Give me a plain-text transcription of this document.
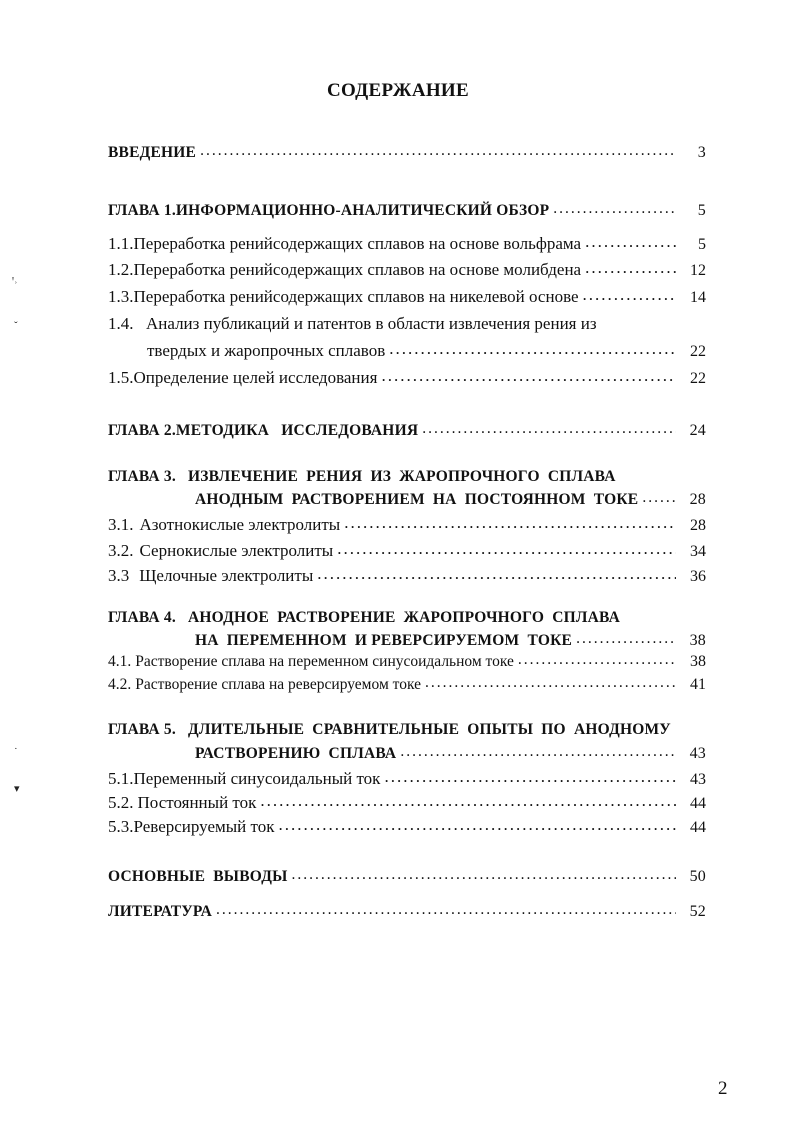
СОДЕРЖАНИЕ
ВВЕДЕНИЕ .....	3
ГЛАВА 1. ИНФОРМАЦИОННО-АНАЛИТИЧЕСКИЙ ОБЗОР .....	5
1.1. Переработка ренийсодержащих сплавов на основе вольфрама .....	5
1.2. Переработка ренийсодержащих сплавов на основе молибдена .....	12
1.3. Переработка ренийсодержащих сплавов на никелевой основе .....	14
1.4. Анализ публикаций и патентов в области извлечения рения из
твердых и жаропрочных сплавов .....	22
1.5. Определение целей исследования .....	22
ГЛАВА 2. МЕТОДИКА   ИССЛЕДОВАНИЯ .....	24
ГЛАВА 3. ИЗВЛЕЧЕНИЕ  РЕНИЯ  ИЗ  ЖАРОПРОЧНОГО  СПЛАВА
АНОДНЫМ  РАСТВОРЕНИЕМ  НА  ПОСТОЯННОМ  ТОКЕ .....	28
3.1. Азотнокислые электролиты .....	28
3.2. Сернокислые электролиты .....	34
3.3 Щелочные электролиты .....	36
ГЛАВА 4. АНОДНОЕ  РАСТВОРЕНИЕ  ЖАРОПРОЧНОГО  СПЛАВА
НА  ПЕРЕМЕННОМ  И РЕВЕРСИРУЕМОМ  ТОКЕ .....	38
4.1. Растворение сплава на переменном синусоидальном токе .....	38
4.2. Растворение сплава на реверсируемом токе .....	41
ГЛАВА 5. ДЛИТЕЛЬНЫЕ  СРАВНИТЕЛЬНЫЕ  ОПЫТЫ  ПО  АНОДНОМУ
РАСТВОРЕНИЮ  СПЛАВА .....	43
5.1. Переменный синусоидальный ток .....	43
5.2. Постоянный ток .....	44
5.3. Реверсируемый ток .....	44
ОСНОВНЫЕ  ВЫВОДЫ .....	50
ЛИТЕРАТУРА .....	52
ꞌ˒
ˇ
˙
▾
2
